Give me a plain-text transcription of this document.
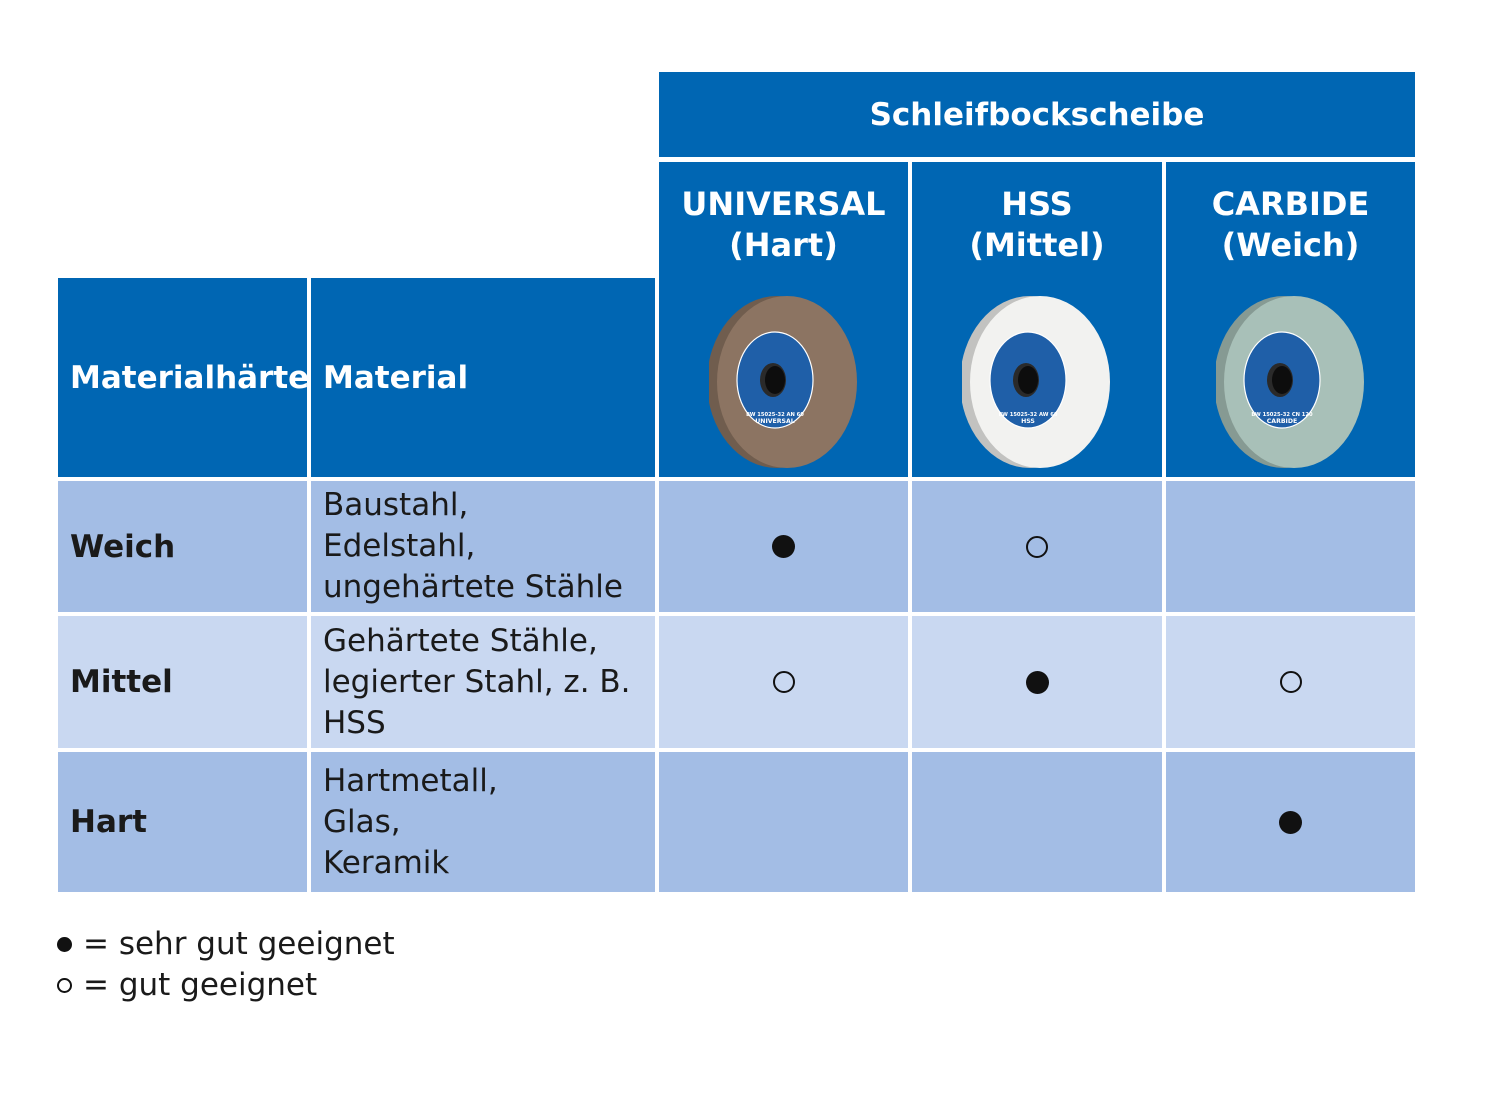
Schleifbockscheibe
UNIVERSAL
(Hart)
BW 15025-32 AN 60
UNIVERSAL
HSS
(Mittel)
BW 15025-32 AW 60
HSS
CARBIDE
(Weich)
BW 15025-32 CN 120
CARBIDE
Materialhärte Material
Weich
Baustahl,
Edelstahl,
ungehärtete Stähle
Mittel
Gehärtete Stähle,
legierter Stahl, z. B.
HSS
Hart
Hartmetall,
Glas,
Keramik
= sehr gut geeignet
= gut geeignet
